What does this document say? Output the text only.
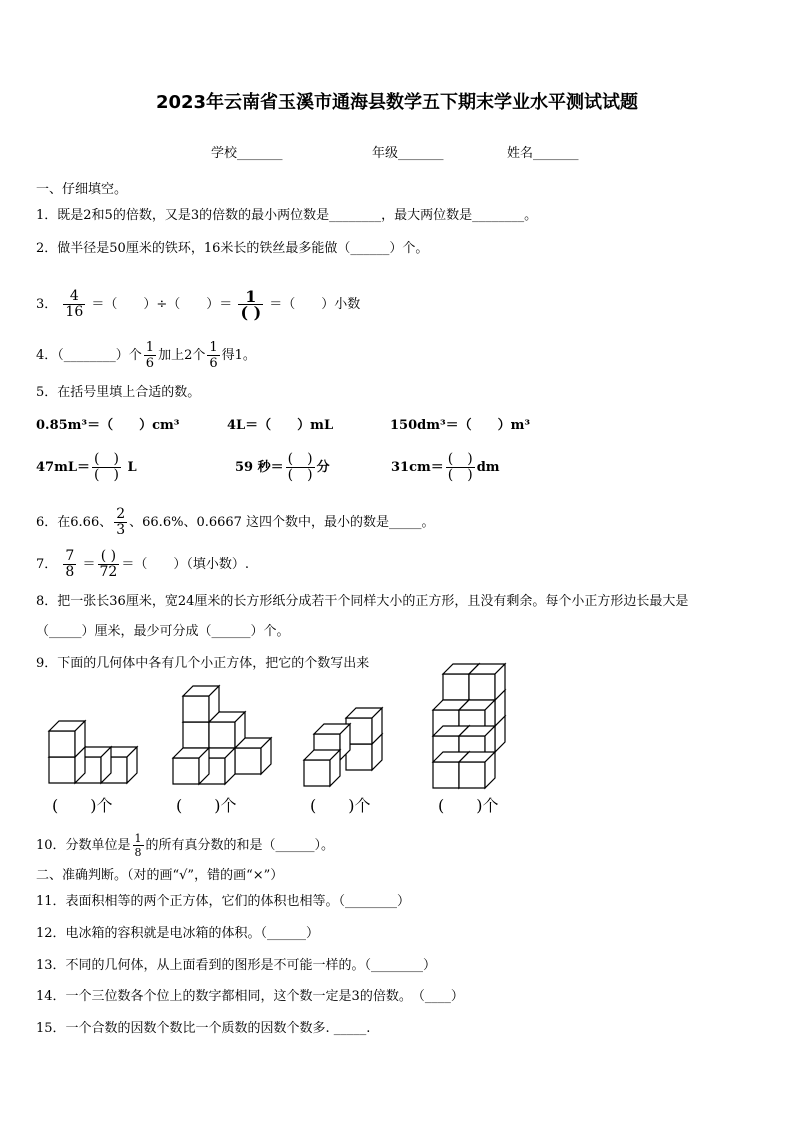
2023年云南省玉溪市通海县数学五下期末学业水平测试试题
学校_______	年级_______	姓名_______
一、仔细填空。
1．既是2和5的倍数，又是3的倍数的最小两位数是________，最大两位数是________。
2．做半径是50厘米的铁环，16米长的铁丝最多能做（______）个。
3． $\frac{4}{16}$ ＝（　　）÷（　　）＝ $\frac{1}{( )}$ ＝（　　）小数
4．（________）个 $\frac{1}{6}$ 加上2个 $\frac{1}{6}$ 得1。
5．在括号里填上合适的数。
0.85m³＝（　　）cm³	4L＝（　　）mL	150dm³＝（　　）m³
$47mL= \frac{( )}{( )}$ L	59 秒＝ $\frac{( )}{( )}$ 分	$31cm= \frac{( )}{( )}$ dm
6．在6.66、 $\frac{2}{3}$ 、66.6%、0.6667 这四个数中，最小的数是_____。
7． $\frac{7}{8} = \frac{( )}{72}$ ＝（　　）（填小数）.
8．把一张长36厘米，宽24厘米的长方形纸分成若干个同样大小的正方形，且没有剩余。每个小正方形边长最大是
（_____）厘米，最少可分成（______）个。
9．下面的几何体中各有几个小正方体，把它的个数写出来
(　　)个	(　　)个	(　　)个	(　　)个
10．分数单位是 $\frac{1}{8}$ 的所有真分数的和是（______）。
二、准确判断。（对的画“√”，错的画“×”）
11．表面积相等的两个正方体，它们的体积也相等。（________）
12．电冰箱的容积就是电冰箱的体积。（______）
13．不同的几何体，从上面看到的图形是不可能一样的。（________）
14．一个三位数各个位上的数字都相同，这个数一定是3的倍数。　（____）
15．一个合数的因数个数比一个质数的因数个数多. _____.
